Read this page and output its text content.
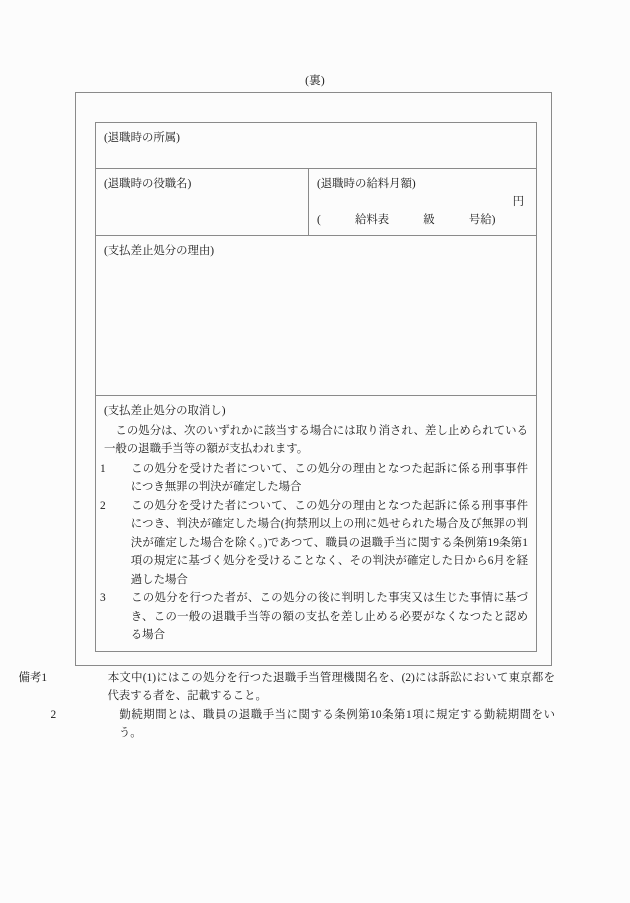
(裏)
(退職時の所属)
(退職時の役職名)	(退職時の給料月額)
円
(　　　給料表　　　級　　　号給)

(支払差止処分の理由)

(支払差止処分の取消し)
この処分は、次のいずれかに該当する場合には取り消され、差し止められている一般の退職手当等の額が支払われます。
1 この処分を受けた者について、この処分の理由となつた起訴に係る刑事事件につき無罪の判決が確定した場合
2 この処分を受けた者について、この処分の理由となつた起訴に係る刑事事件につき、判決が確定した場合(拘禁刑以上の刑に処せられた場合及び無罪の判決が確定した場合を除く。)であつて、職員の退職手当に関する条例第19条第1項の規定に基づく処分を受けることなく、その判決が確定した日から6月を経過した場合
3 この処分を行つた者が、この処分の後に判明した事実又は生じた事情に基づき、この一般の退職手当等の額の支払を差し止める必要がなくなつたと認める場合

備考1	本文中(1)にはこの処分を行つた退職手当管理機関名を、(2)には訴訟において東京都を代表する者を、記載すること。

2	勤続期間とは、職員の退職手当に関する条例第10条第1項に規定する勤続期間をいう。
